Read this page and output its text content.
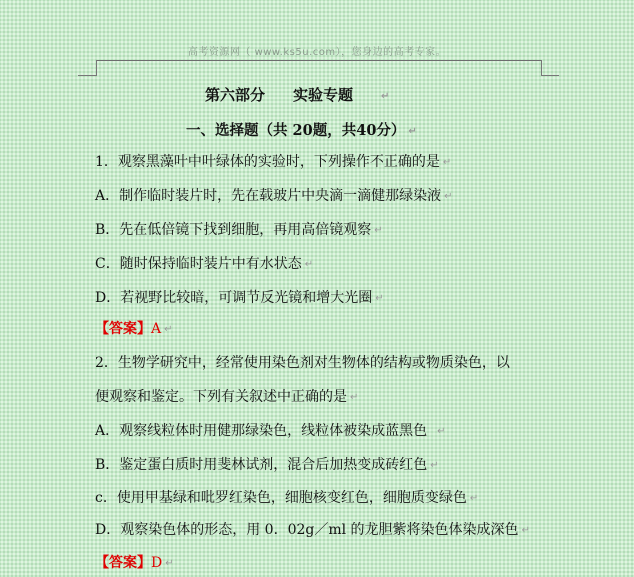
高考资源网（ www.ks5u.com），您身边的高考专家。
第六部分 实验专题	↵
一、选择题（共 20题，共40分） ↵
1．观察黑藻叶中叶绿体的实验时，下列操作不正确的是 ↵
A．制作临时装片时，先在载玻片中央滴一滴健那绿染液 ↵
B．先在低倍镜下找到细胞，再用高倍镜观察 ↵
C．随时保持临时装片中有水状态 ↵
D．若视野比较暗，可调节反光镜和增大光圈 ↵
【答案】A ↵
2．生物学研究中，经常使用染色剂对生物体的结构或物质染色，以
便观察和鉴定。下列有关叙述中正确的是 ↵
A．观察线粒体时用健那绿染色，线粒体被染成蓝黑色 ↵
B．鉴定蛋白质时用斐林试剂，混合后加热变成砖红色 ↵
c．使用甲基绿和吡罗红染色，细胞核变红色，细胞质变绿色 ↵
D．观察染色体的形态，用 0．02g／ml 的龙胆紫将染色体染成深色 ↵
【答案】D ↵
